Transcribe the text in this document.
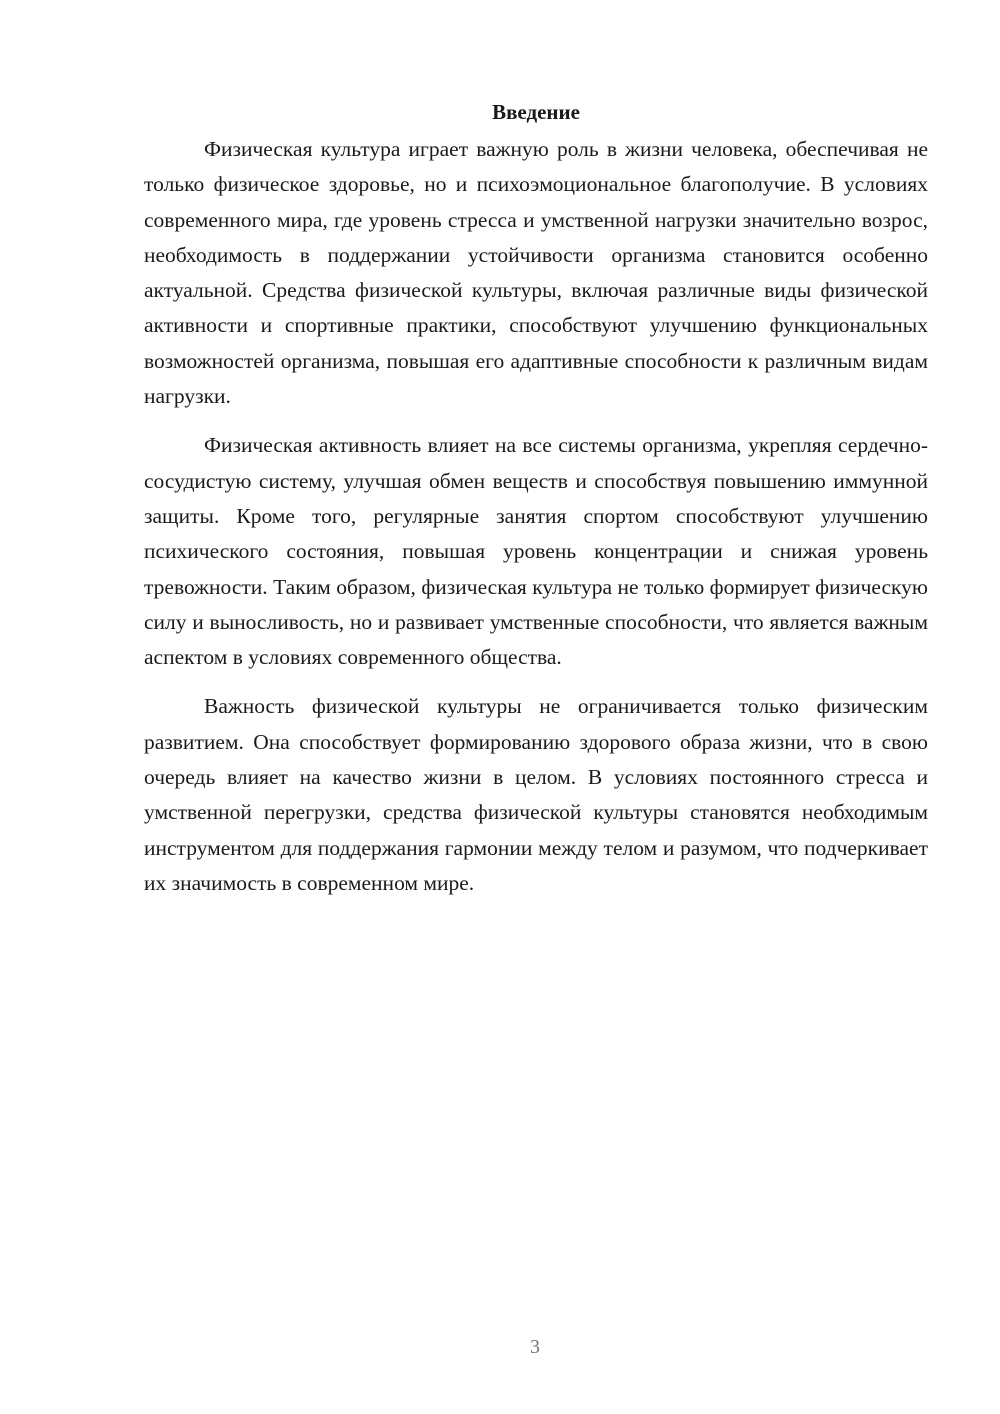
Введение

Физическая культура играет важную роль в жизни человека, обеспечивая не только физическое здоровье, но и психоэмоциональное благополучие. В условиях современного мира, где уровень стресса и умственной нагрузки значительно возрос, необходимость в поддержании устойчивости организма становится особенно актуальной. Средства физической культуры, включая различные виды физической активности и спортивные практики, способствуют улучшению функциональных возможностей организма, повышая его адаптивные способности к различным видам нагрузки.

Физическая активность влияет на все системы организма, укрепляя сердечно-сосудистую систему, улучшая обмен веществ и способствуя повышению иммунной защиты. Кроме того, регулярные занятия спортом способствуют улучшению психического состояния, повышая уровень концентрации и снижая уровень тревожности. Таким образом, физическая культура не только формирует физическую силу и выносливость, но и развивает умственные способности, что является важным аспектом в условиях современного общества.

Важность физической культуры не ограничивается только физическим развитием. Она способствует формированию здорового образа жизни, что в свою очередь влияет на качество жизни в целом. В условиях постоянного стресса и умственной перегрузки, средства физической культуры становятся необходимым инструментом для поддержания гармонии между телом и разумом, что подчеркивает их значимость в современном мире.

3
